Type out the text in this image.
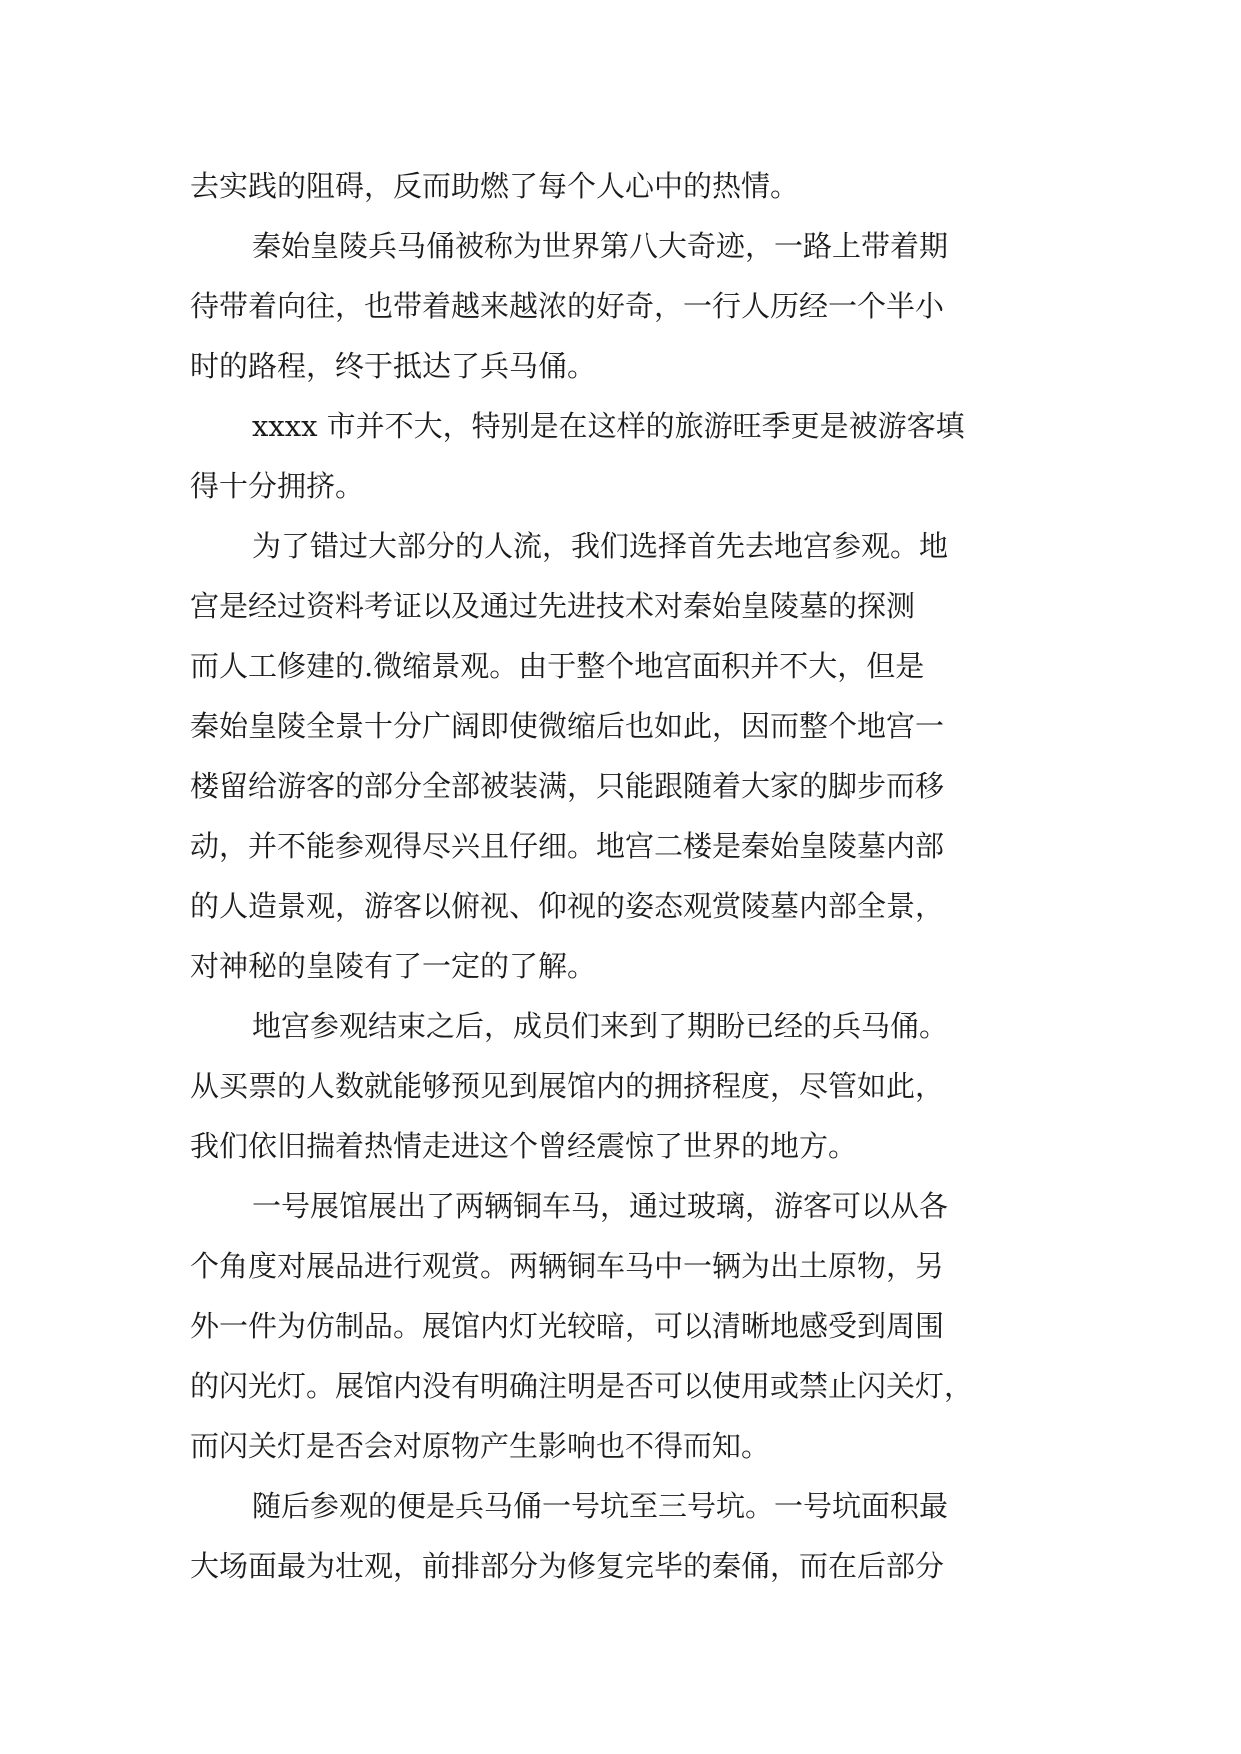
去实践的阻碍，反而助燃了每个人心中的热情。
秦始皇陵兵马俑被称为世界第八大奇迹，一路上带着期
待带着向往，也带着越来越浓的好奇，一行人历经一个半小
时的路程，终于抵达了兵马俑。
xxxx 市并不大，特别是在这样的旅游旺季更是被游客填
得十分拥挤。
为了错过大部分的人流，我们选择首先去地宫参观。地
宫是经过资料考证以及通过先进技术对秦始皇陵墓的探测
而人工修建的.微缩景观。由于整个地宫面积并不大，但是
秦始皇陵全景十分广阔即使微缩后也如此，因而整个地宫一
楼留给游客的部分全部被装满，只能跟随着大家的脚步而移
动，并不能参观得尽兴且仔细。地宫二楼是秦始皇陵墓内部
的人造景观，游客以俯视、仰视的姿态观赏陵墓内部全景，
对神秘的皇陵有了一定的了解。
地宫参观结束之后，成员们来到了期盼已经的兵马俑。
从买票的人数就能够预见到展馆内的拥挤程度，尽管如此，
我们依旧揣着热情走进这个曾经震惊了世界的地方。
一号展馆展出了两辆铜车马，通过玻璃，游客可以从各
个角度对展品进行观赏。两辆铜车马中一辆为出土原物，另
外一件为仿制品。展馆内灯光较暗，可以清晰地感受到周围
的闪光灯。展馆内没有明确注明是否可以使用或禁止闪关灯，
而闪关灯是否会对原物产生影响也不得而知。
随后参观的便是兵马俑一号坑至三号坑。一号坑面积最
大场面最为壮观，前排部分为修复完毕的秦俑，而在后部分
